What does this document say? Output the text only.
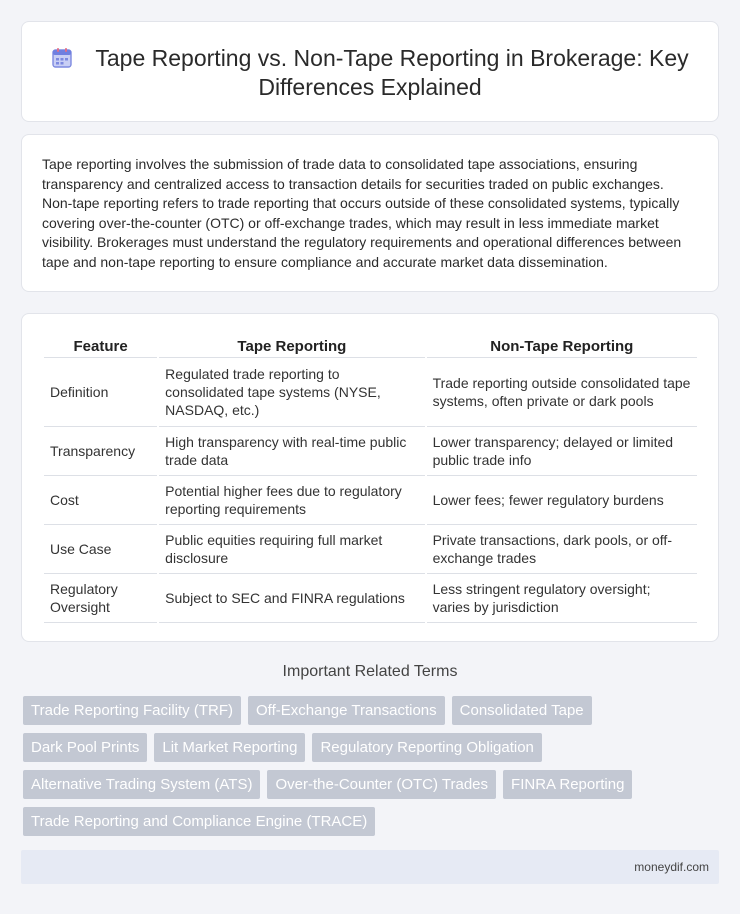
Tape Reporting vs. Non-Tape Reporting in Brokerage: Key Differences Explained

Tape reporting involves the submission of trade data to consolidated tape associations, ensuring transparency and centralized access to transaction details for securities traded on public exchanges. Non-tape reporting refers to trade reporting that occurs outside of these consolidated systems, typically covering over-the-counter (OTC) or off-exchange trades, which may result in less immediate market visibility. Brokerages must understand the regulatory requirements and operational differences between tape and non-tape reporting to ensure compliance and accurate market data dissemination.

Feature	Tape Reporting	Non-Tape Reporting
Definition	Regulated trade reporting to consolidated tape systems (NYSE, NASDAQ, etc.)	Trade reporting outside consolidated tape systems, often private or dark pools
Transparency	High transparency with real-time public trade data	Lower transparency; delayed or limited public trade info
Cost	Potential higher fees due to regulatory reporting requirements	Lower fees; fewer regulatory burdens
Use Case	Public equities requiring full market disclosure	Private transactions, dark pools, or off-exchange trades
Regulatory Oversight	Subject to SEC and FINRA regulations	Less stringent regulatory oversight; varies by jurisdiction
Important Related Terms
Trade Reporting Facility (TRF)	Off-Exchange Transactions	Consolidated Tape
Dark Pool Prints	Lit Market Reporting	Regulatory Reporting Obligation
Alternative Trading System (ATS)	Over-the-Counter (OTC) Trades	FINRA Reporting
Trade Reporting and Compliance Engine (TRACE)
moneydif.com
